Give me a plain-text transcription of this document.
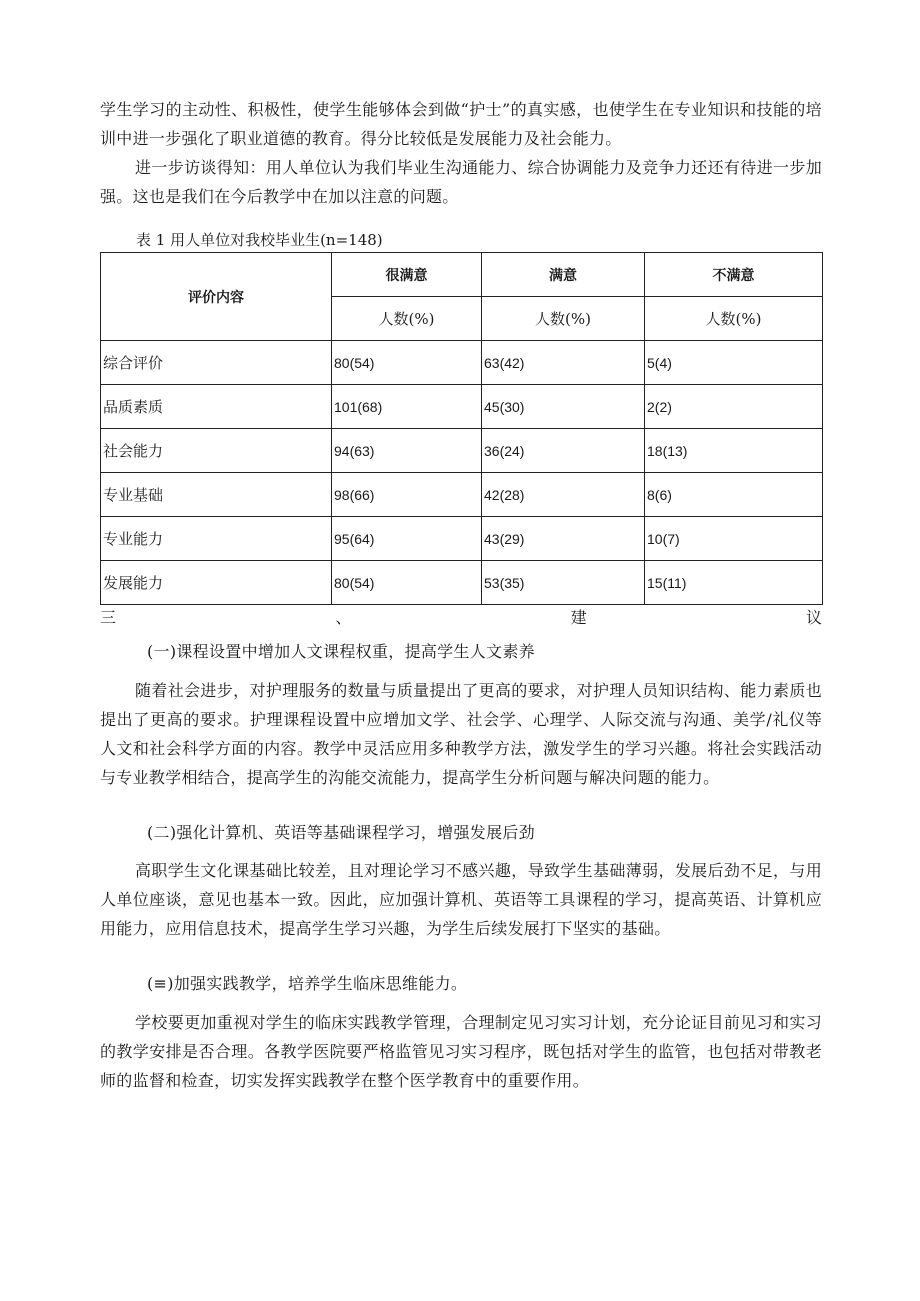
学生学习的主动性、积极性，使学生能够体会到做“护士”的真实感，也使学生在专业知识和技能的培训中进一步强化了职业道德的教育。得分比较低是发展能力及社会能力。

进一步访谈得知：用人单位认为我们毕业生沟通能力、综合协调能力及竞争力还还有待进一步加强。这也是我们在今后教学中在加以注意的问题。

表 1 用人单位对我校毕业生(n=148)

评价内容	很满意	满意	不满意
	人数(%)	人数(%)	人数(%)
综合评价	80(54)	63(42)	5(4)
品质素质	101(68)	45(30)	2(2)
社会能力	94(63)	36(24)	18(13)
专业基础	98(66)	42(28)	8(6)
专业能力	95(64)	43(29)	10(7)
发展能力	80(54)	53(35)	15(11)
三	、	建	议

(一)课程设置中增加人文课程权重，提高学生人文素养

随着社会进步，对护理服务的数量与质量提出了更高的要求，对护理人员知识结构、能力素质也提出了更高的要求。护理课程设置中应增加文学、社会学、心理学、人际交流与沟通、美学/礼仪等人文和社会科学方面的内容。教学中灵活应用多种教学方法，激发学生的学习兴趣。将社会实践活动与专业教学相结合，提高学生的沟能交流能力，提高学生分析问题与解决问题的能力。

(二)强化计算机、英语等基础课程学习，增强发展后劲

高职学生文化课基础比较差，且对理论学习不感兴趣，导致学生基础薄弱，发展后劲不足，与用人单位座谈，意见也基本一致。因此，应加强计算机、英语等工具课程的学习，提高英语、计算机应用能力，应用信息技术，提高学生学习兴趣，为学生后续发展打下坚实的基础。

(≡)加强实践教学，培养学生临床思维能力。

学校要更加重视对学生的临床实践教学管理，合理制定见习实习计划，充分论证目前见习和实习的教学安排是否合理。各教学医院要严格监管见习实习程序，既包括对学生的监管，也包括对带教老师的监督和检查，切实发挥实践教学在整个医学教育中的重要作用。
